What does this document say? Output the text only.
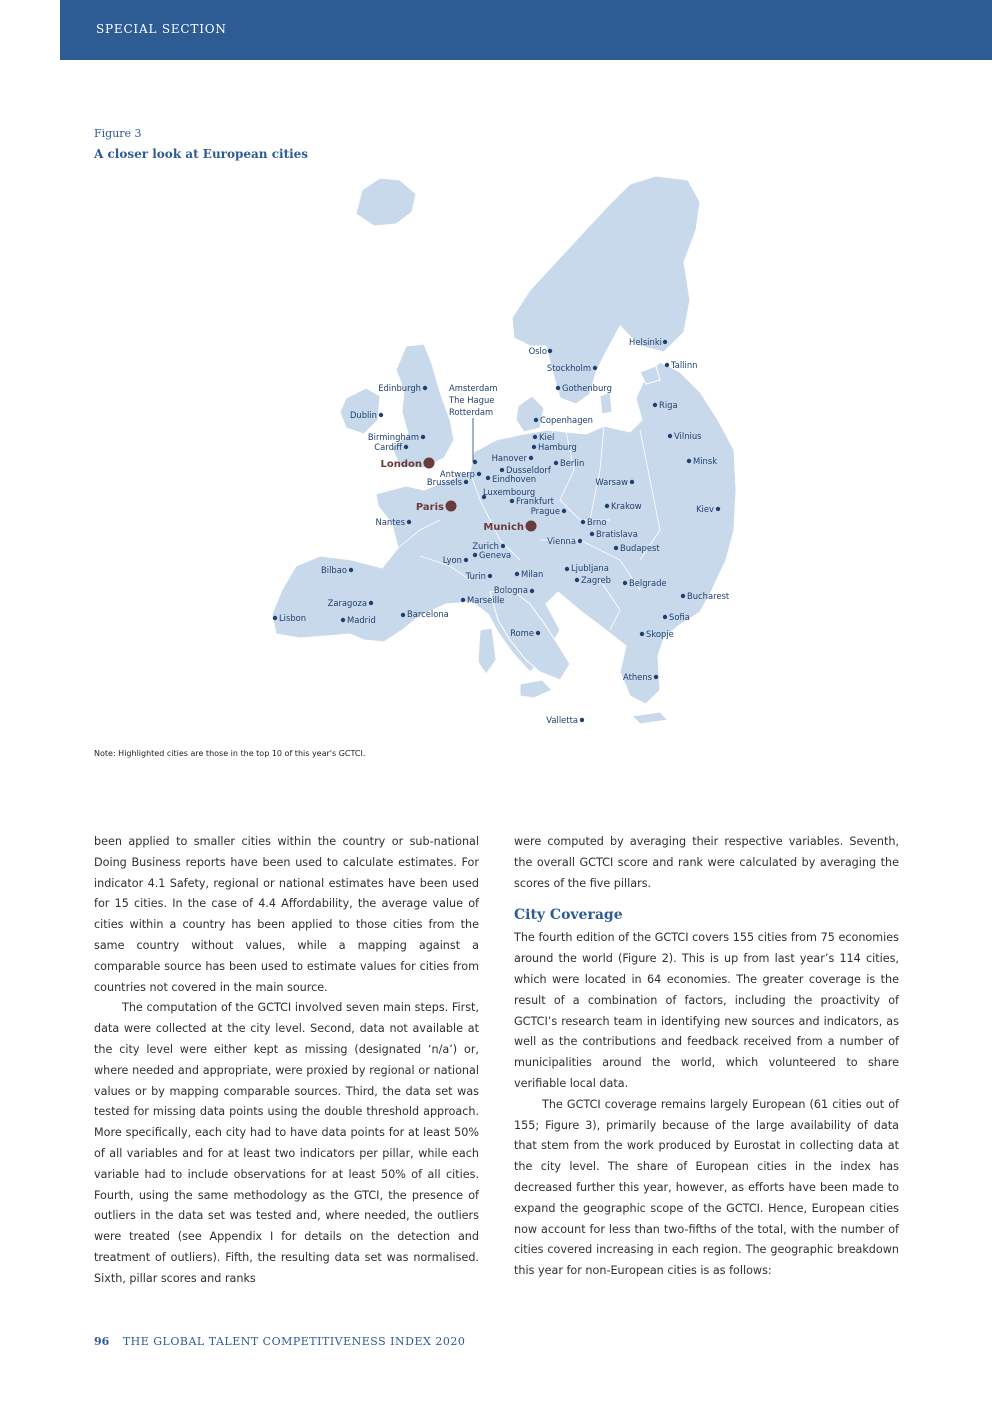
SPECIAL SECTION
Figure 3
A closer look at European cities
Helsinki
Tallinn
Oslo
Stockholm
Gothenburg
Riga
Edinburgh	Amsterdam
The Hague
Rotterdam
Copenhagen
Dublin
Vilnius
Birmingham
Cardiff
Kiel
Hamburg
Hanover	Minsk
London	Berlin
Antwerp	Dusseldorf
Eindhoven
Brussels	Warsaw
Luxembourg
Frankfurt
Paris	Prague	Krakow	Kiev
Nantes	Brno
Munich
Bratislava
Vienna
Zurich	Budapest
Geneva
Lyon
Bilbao	Ljubljana
Turin	Milan
Zagreb Belgrade
Bologna
Bucharest
Marseille
Zaragoza
Barcelona	Sofia
Lisbon	Madrid
Rome	Skopje
Athens
Valletta
Note: Highlighted cities are those in the top 10 of this year's GCTCI.

been applied to smaller cities within the country or sub-national Doing Business reports have been used to calculate estimates. For indicator 4.1 Safety, regional or national estimates have been used for 15 cities. In the case of 4.4 Affordability, the average value of cities within a country has been applied to those cities from the same country without values, while a mapping against a comparable source has been used to estimate values for cities from countries not covered in the main source.

The computation of the GCTCI involved seven main steps. First, data were collected at the city level. Second, data not available at the city level were either kept as missing (designated ‘n/a’) or, where needed and appropriate, were proxied by regional or national values or by mapping comparable sources. Third, the data set was tested for missing data points using the double threshold approach. More specifically, each city had to have data points for at least 50% of all variables and for at least two indicators per pillar, while each variable had to include observations for at least 50% of all cities. Fourth, using the same methodology as the GTCI, the presence of outliers in the data set was tested and, where needed, the outliers were treated (see Appendix I for details on the detection and treatment of outliers). Fifth, the resulting data set was normalised. Sixth, pillar scores and ranks

were computed by averaging their respective variables. Seventh, the overall GCTCI score and rank were calculated by averaging the scores of the five pillars.

City Coverage

The fourth edition of the GCTCI covers 155 cities from 75 economies around the world (Figure 2). This is up from last year’s 114 cities, which were located in 64 economies. The greater coverage is the result of a combination of factors, including the proactivity of GCTCI’s research team in identifying new sources and indicators, as well as the contributions and feedback received from a number of municipalities around the world, which volunteered to share verifiable local data.

The GCTCI coverage remains largely European (61 cities out of 155; Figure 3), primarily because of the large availability of data that stem from the work produced by Eurostat in collecting data at the city level. The share of European cities in the index has decreased further this year, however, as efforts have been made to expand the geographic scope of the GCTCI. Hence, European cities now account for less than two-fifths of the total, with the number of cities covered increasing in each region. The geographic breakdown this year for non-European cities is as follows:

96 THE GLOBAL TALENT COMPETITIVENESS INDEX 2020
